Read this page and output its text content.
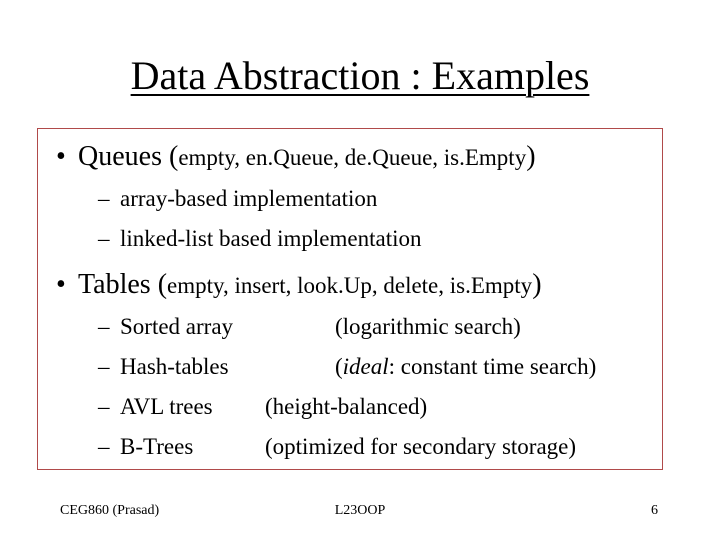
Data Abstraction : Examples
• Queues (empty, en.Queue, de.Queue, is.Empty)
– array-based implementation
– linked-list based implementation
• Tables (empty, insert, look.Up, delete, is.Empty)
– Sorted array	(logarithmic search)
– Hash-tables	(ideal: constant time search)
– AVL trees (height-balanced)
– B-Trees	(optimized for secondary storage)
CEG860 (Prasad)	L23OOP	6
